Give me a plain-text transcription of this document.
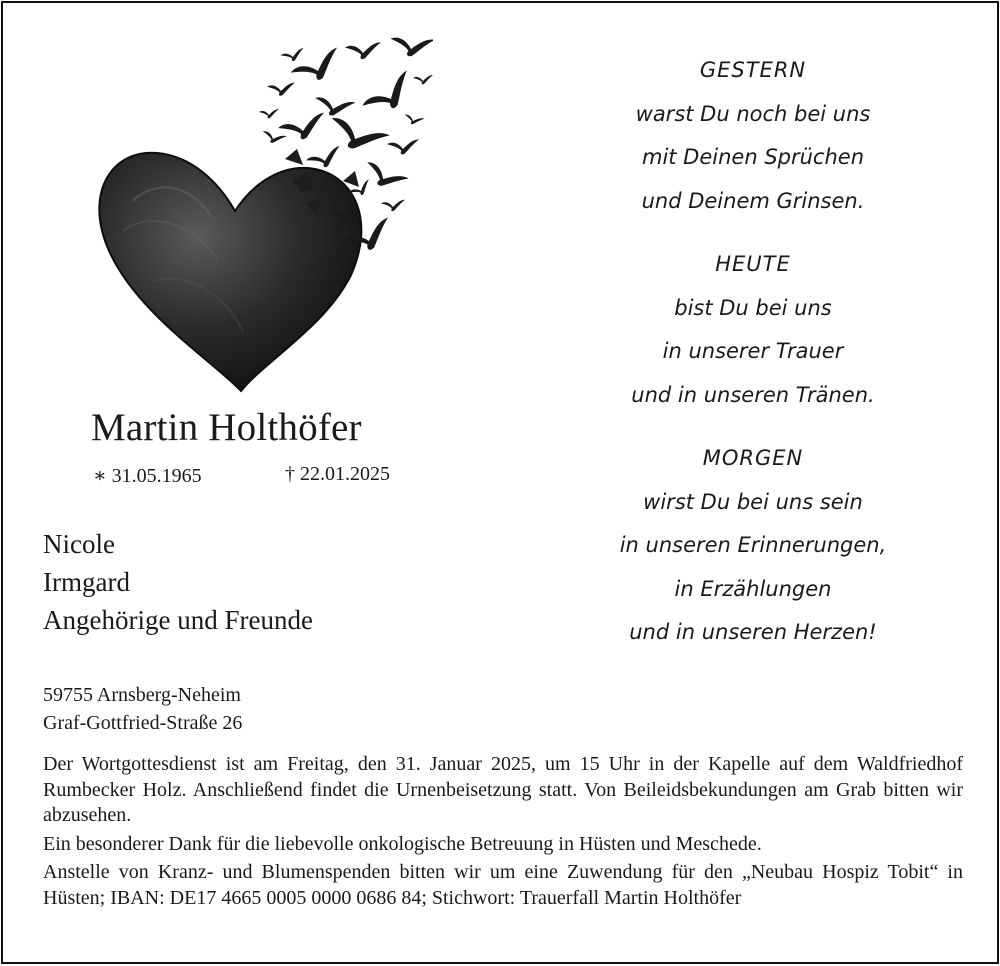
Martin Holthöfer
∗ 31.05.1965	† 22.01.2025
Nicole
Irmgard
Angehörige und Freunde
59755 Arnsberg-Neheim
Graf-Gottfried-Straße 26

Der Wortgottesdienst ist am Freitag, den 31. Januar 2025, um 15 Uhr in der Kapelle auf dem Waldfriedhof Rumbecker Holz. Anschließend findet die Urnenbeisetzung statt. Von Beileidsbekundungen am Grab bitten wir abzusehen.

Ein besonderer Dank für die liebevolle onkologische Betreuung in Hüsten und Meschede.

Anstelle von Kranz- und Blumenspenden bitten wir um eine Zuwendung für den „Neubau Hospiz Tobit“ in Hüsten; IBAN: DE17 4665 0005 0000 0686 84; Stichwort: Trauerfall Martin Holthöfer

GESTERN
warst Du noch bei uns
mit Deinen Sprüchen
und Deinem Grinsen.
HEUTE
bist Du bei uns
in unserer Trauer
und in unseren Tränen.
MORGEN
wirst Du bei uns sein
in unseren Erinnerungen,
in Erzählungen
und in unseren Herzen!
